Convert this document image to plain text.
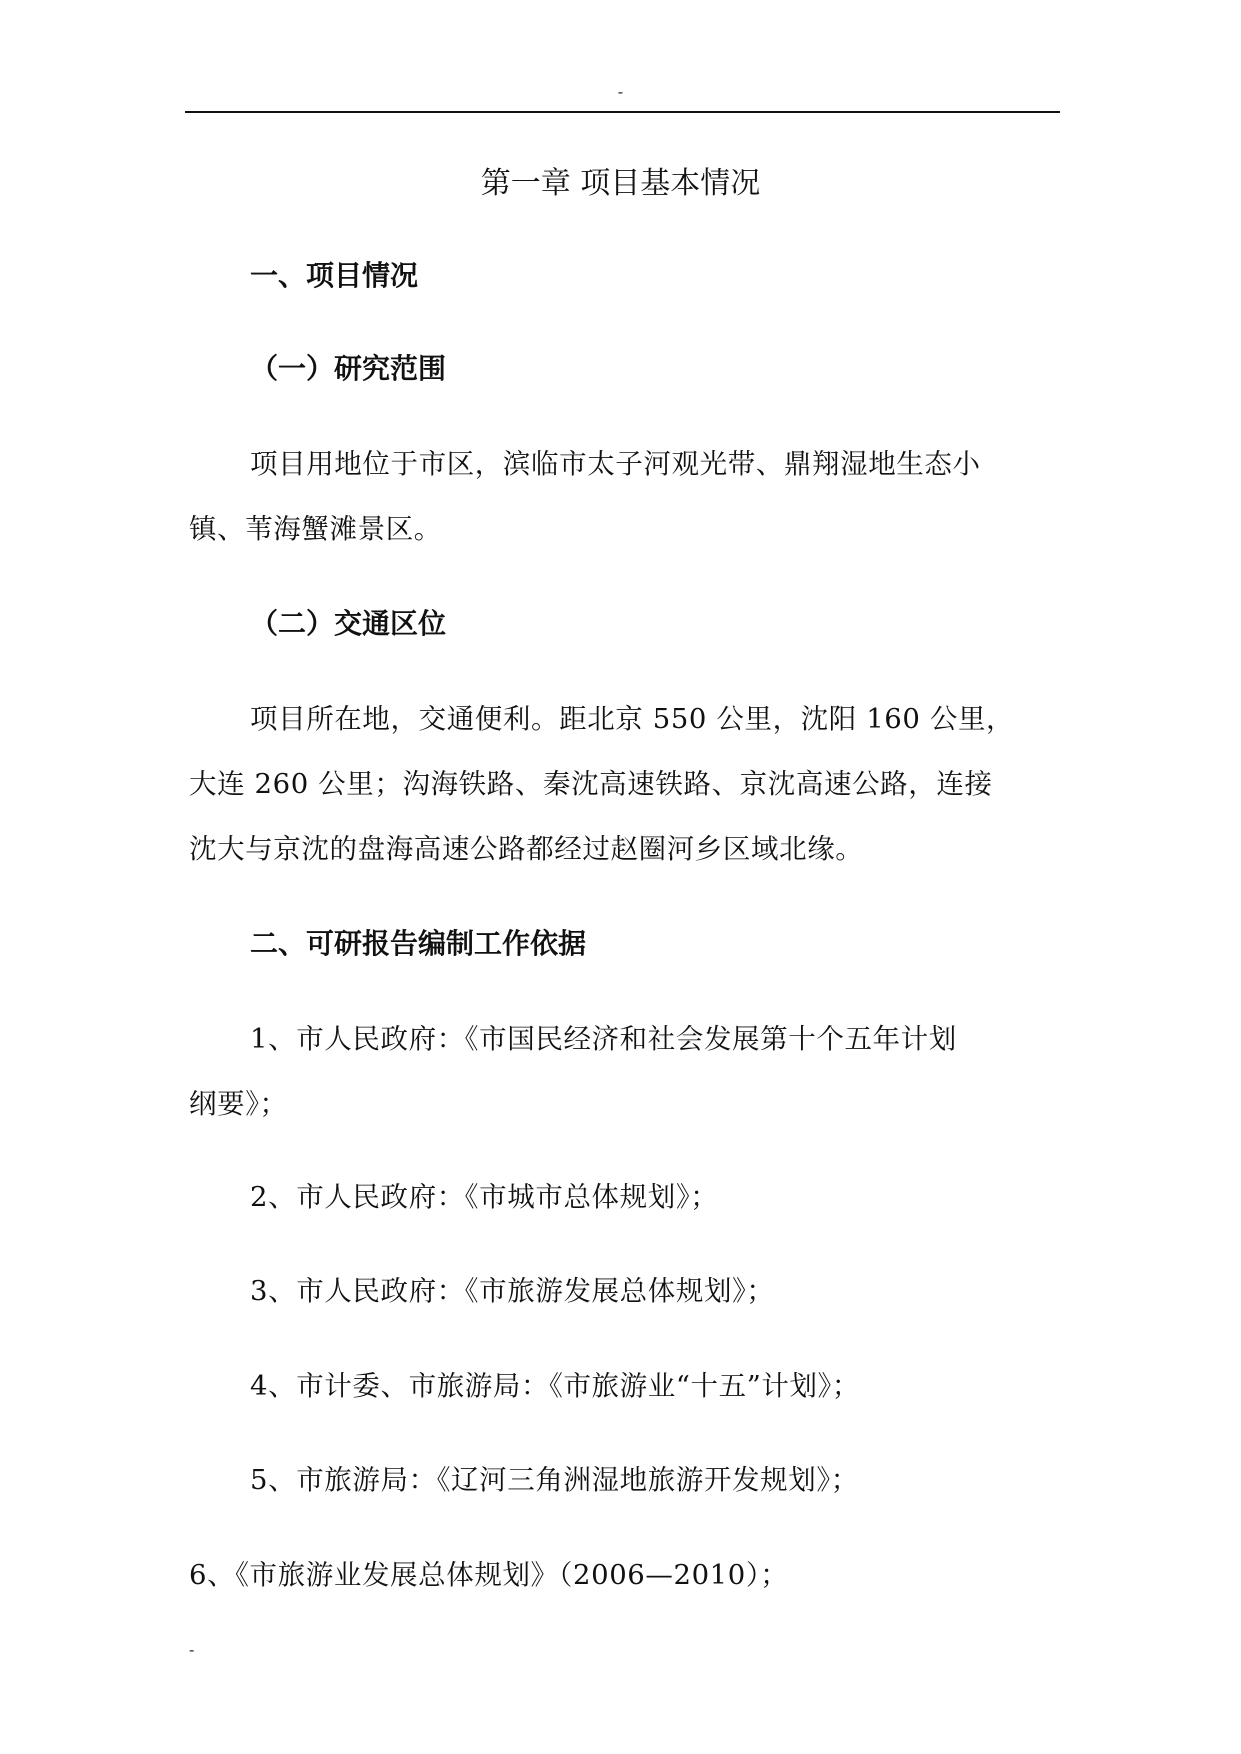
-
第一章 项目基本情况
一、项目情况
（一）研究范围
项目用地位于市区，滨临市太子河观光带、鼎翔湿地生态小
镇、苇海蟹滩景区。
（二）交通区位
项目所在地，交通便利。距北京 550 公里，沈阳 160 公里，
大连 260 公里；沟海铁路、秦沈高速铁路、京沈高速公路，连接
沈大与京沈的盘海高速公路都经过赵圈河乡区域北缘。
二、可研报告编制工作依据
1、市人民政府：《市国民经济和社会发展第十个五年计划
纲要》；
2、市人民政府：《市城市总体规划》；
3、市人民政府：《市旅游发展总体规划》；
4、市计委、市旅游局：《市旅游业“十五”计划》；
5、市旅游局：《辽河三角洲湿地旅游开发规划》；
6、《市旅游业发展总体规划》（2006—2010）；
-
